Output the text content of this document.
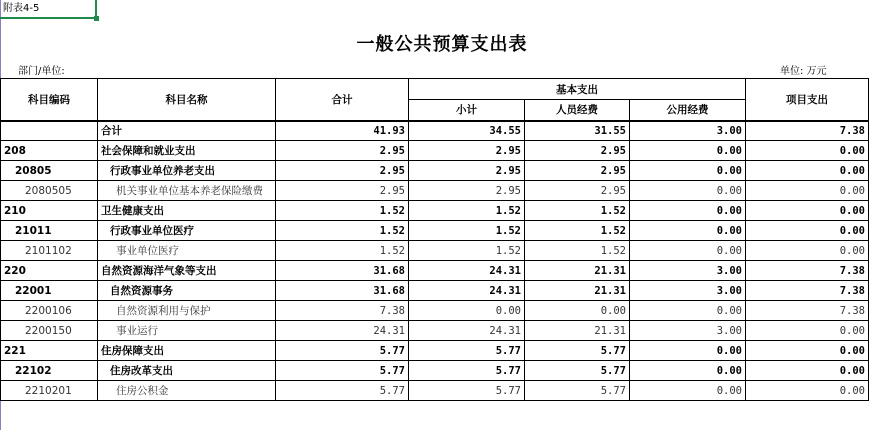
附表4-5
一般公共预算支出表
部门/单位:	单位: 万元
科目编码	科目名称	合计	基本支出			项目支出
			小计	人员经费	公用经费	
	合计	41.93	34.55	31.55	3.00	7.38
208	社会保障和就业支出	2.95	2.95	2.95	0.00	0.00
20805	行政事业单位养老支出	2.95	2.95	2.95	0.00	0.00
2080505	机关事业单位基本养老保险缴费	2.95	2.95	2.95	0.00	0.00
210	卫生健康支出	1.52	1.52	1.52	0.00	0.00
21011	行政事业单位医疗	1.52	1.52	1.52	0.00	0.00
2101102	事业单位医疗	1.52	1.52	1.52	0.00	0.00
220	自然资源海洋气象等支出	31.68	24.31	21.31	3.00	7.38
22001	自然资源事务	31.68	24.31	21.31	3.00	7.38
2200106	自然资源利用与保护	7.38	0.00	0.00	0.00	7.38
2200150	事业运行	24.31	24.31	21.31	3.00	0.00
221	住房保障支出	5.77	5.77	5.77	0.00	0.00
22102	住房改革支出	5.77	5.77	5.77	0.00	0.00
2210201	住房公积金	5.77	5.77	5.77	0.00	0.00
